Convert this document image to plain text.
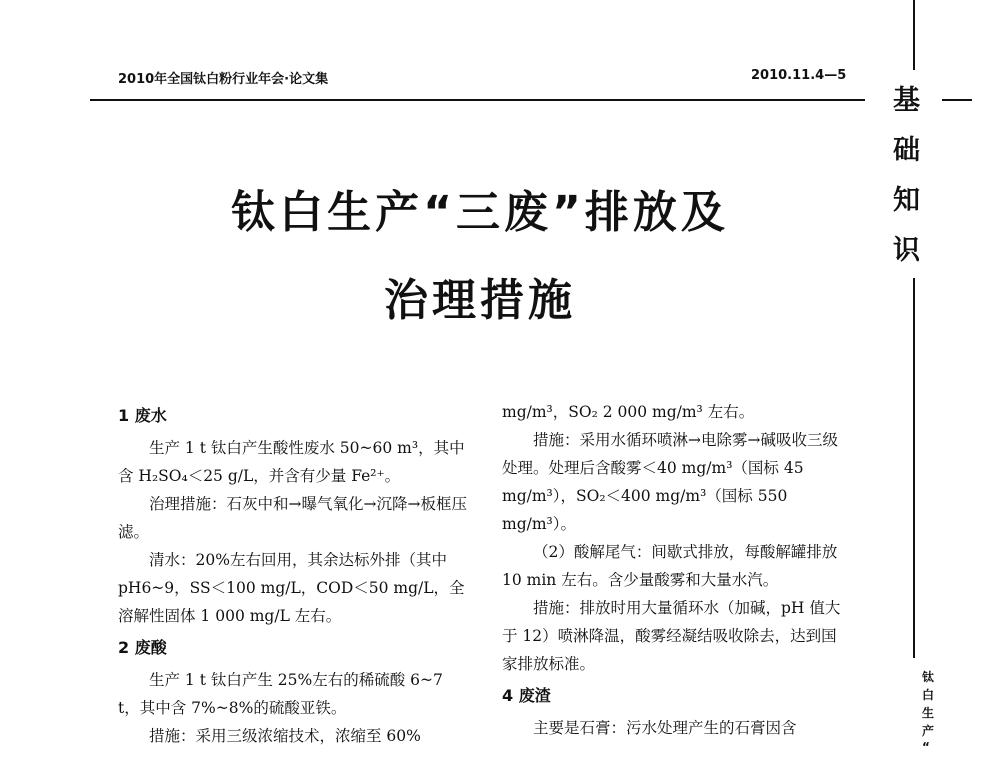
2010年全国钛白粉行业年会·论文集	2010.11.4—5
基
础
知
识
钛白生产“三废”排放及
治理措施

1 废水

生产 1 t 钛白产生酸性废水 50~60 m³，其中含 H₂SO₄＜25 g/L，并含有少量 Fe²⁺。

治理措施：石灰中和→曝气氧化→沉降→板框压滤。

清水：20%左右回用，其余达标外排（其中 pH6~9，SS＜100 mg/L，COD＜50 mg/L，全溶解性固体 1 000 mg/L 左右。

2 废酸

生产 1 t 钛白产生 25%左右的稀硫酸 6~7 t，其中含 7%~8%的硫酸亚铁。

措施：采用三级浓缩技术，浓缩至 60%

mg/m³，SO₂ 2 000 mg/m³ 左右。

措施：采用水循环喷淋→电除雾→碱吸收三级处理。处理后含酸雾＜40 mg/m³（国标 45 mg/m³），SO₂＜400 mg/m³（国标 550 mg/m³）。

（2）酸解尾气：间歇式排放，每酸解罐排放 10 min 左右。含少量酸雾和大量水汽。

措施：排放时用大量循环水（加碱，pH 值大于 12）喷淋降温，酸雾经凝结吸收除去，达到国家排放标准。

4 废渣

主要是石膏：污水处理产生的石膏因含

钛
白
生
产
“
